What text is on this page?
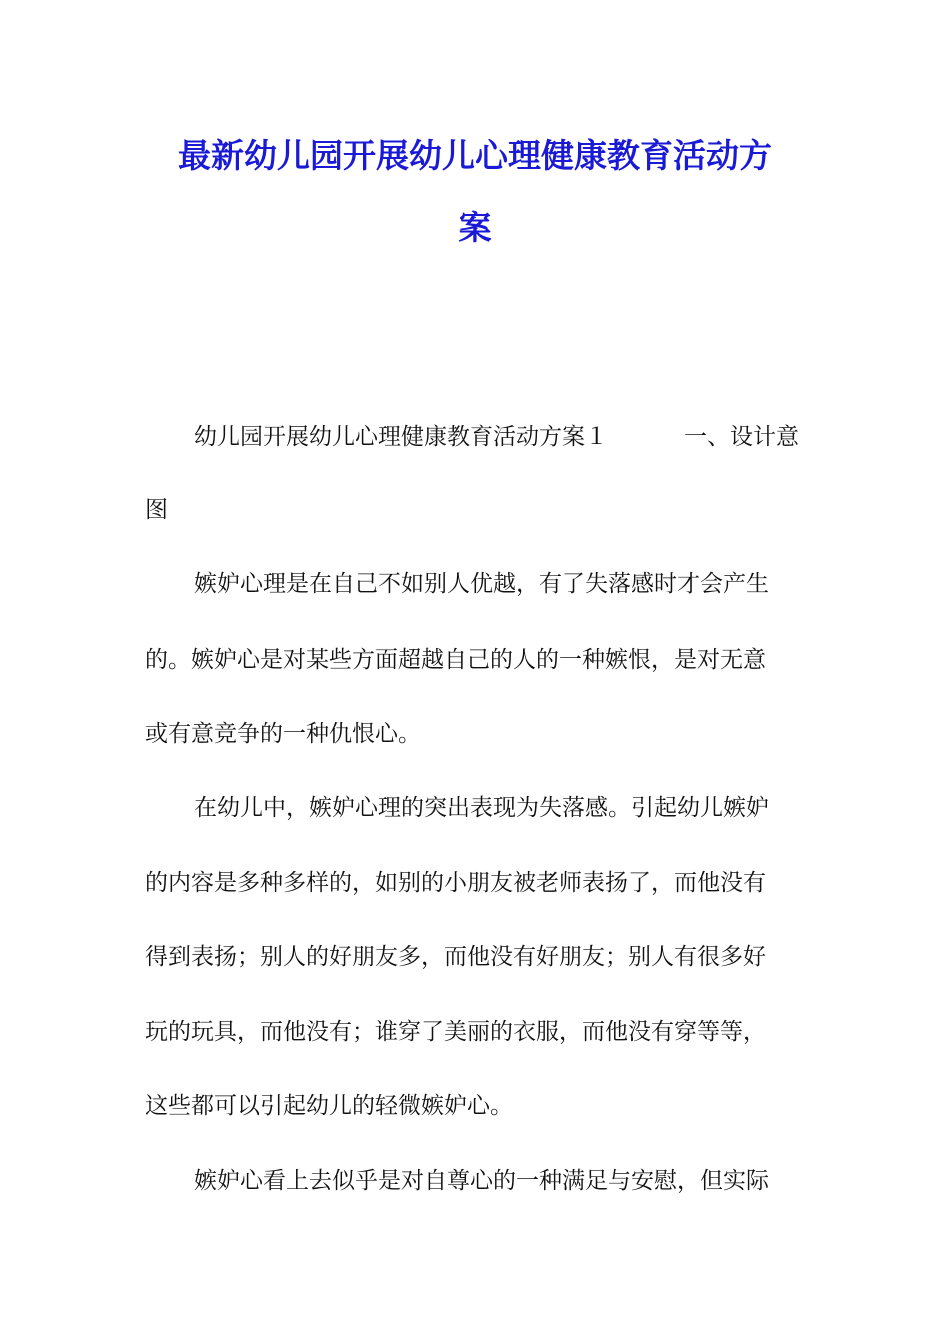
最新幼儿园开展幼儿心理健康教育活动方
案

幼儿园开展幼儿心理健康教育活动方案１	一、设计意

图

嫉妒心理是在自己不如别人优越，有了失落感时才会产生

的。嫉妒心是对某些方面超越自己的人的一种嫉恨，是对无意

或有意竞争的一种仇恨心。

在幼儿中，嫉妒心理的突出表现为失落感。引起幼儿嫉妒

的内容是多种多样的，如别的小朋友被老师表扬了，而他没有

得到表扬；别人的好朋友多，而他没有好朋友；别人有很多好

玩的玩具，而他没有；谁穿了美丽的衣服，而他没有穿等等，

这些都可以引起幼儿的轻微嫉妒心。

嫉妒心看上去似乎是对自尊心的一种满足与安慰，但实际
